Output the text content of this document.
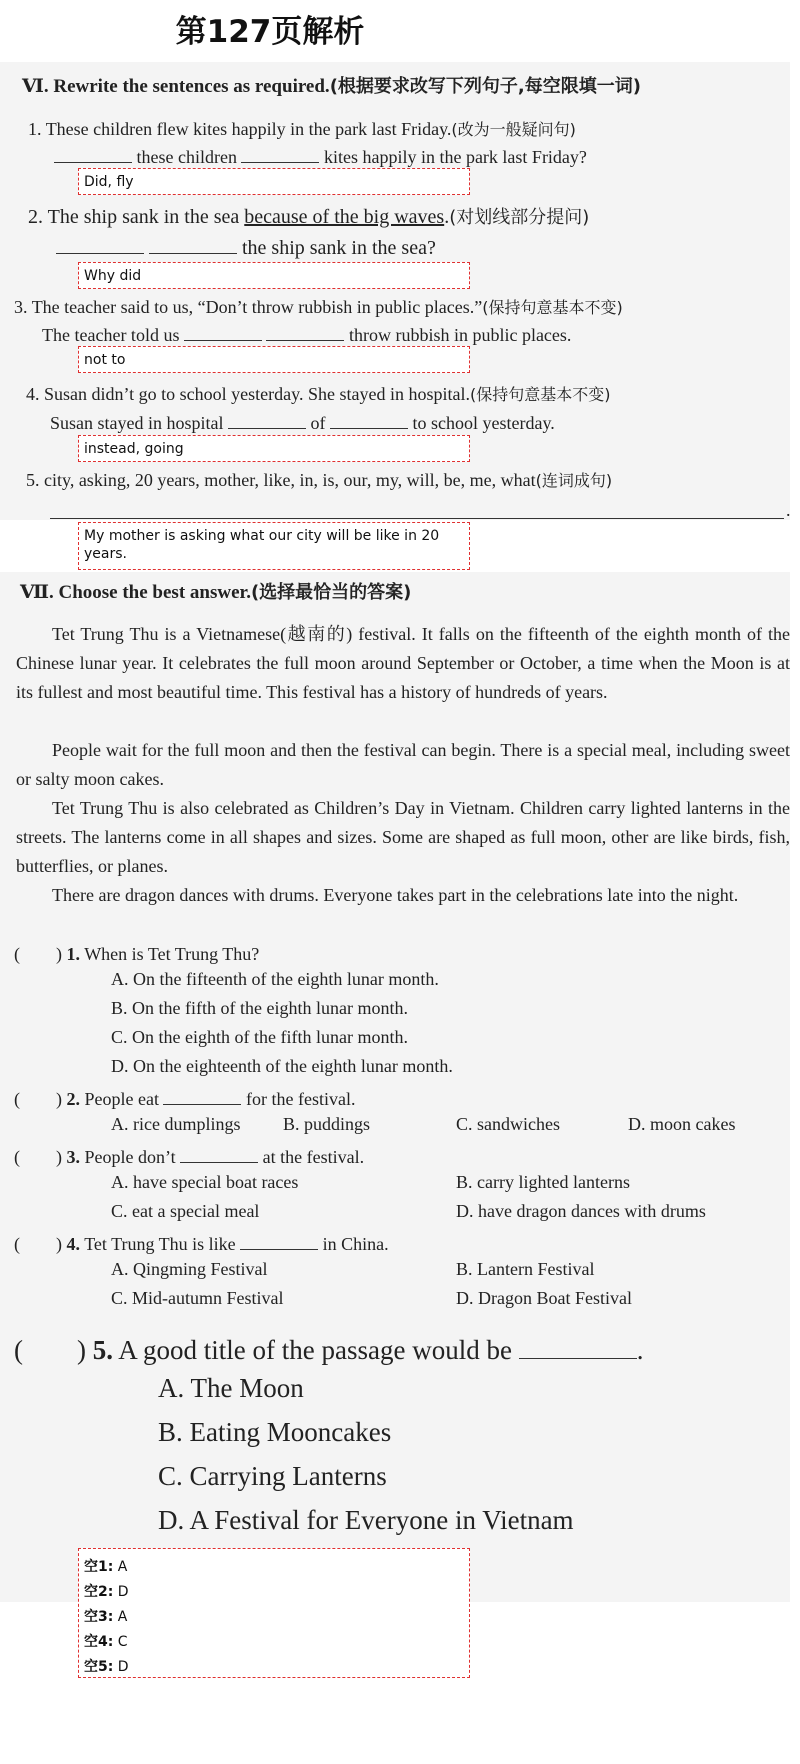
第127页解析
Ⅵ. Rewrite the sentences as required.(根据要求改写下列句子,每空限填一词)
1. These children flew kites happily in the park last Friday.(改为一般疑问句)
these children	kites happily in the park last Friday?
Did, fly
2. The ship sank in the sea because of the big waves.(对划线部分提问)
the ship sank in the sea?
Why did
3. The teacher said to us, “Don’t throw rubbish in public places.”(保持句意基本不变)
The teacher told us	throw rubbish in public places.
not to
4. Susan didn’t go to school yesterday. She stayed in hospital.(保持句意基本不变)
Susan stayed in hospital	of	to school yesterday.
instead, going
5. city, asking, 20 years, mother, like, in, is, our, my, will, be, me, what(连词成句)
.
My mother is asking what our city will be like in 20 years.
Ⅶ. Choose the best answer.(选择最恰当的答案)
Tet Trung Thu is a Vietnamese(越南的) festival. It falls on the fifteenth of the eighth month of the Chinese lunar year. It celebrates the full moon around September or October, a time when the Moon is at its fullest and most beautiful time. This festival has a history of hundreds of years.
People wait for the full moon and then the festival can begin. There is a special meal, including sweet or salty moon cakes.
Tet Trung Thu is also celebrated as Children’s Day in Vietnam. Children carry lighted lanterns in the streets. The lanterns come in all shapes and sizes. Some are shaped as full moon, other are like birds, fish, butterflies, or planes.
There are dragon dances with drums. Everyone takes part in the celebrations late into the night.
(　　) 1. When is Tet Trung Thu?
A. On the fifteenth of the eighth lunar month.
B. On the fifth of the eighth lunar month.
C. On the eighth of the fifth lunar month.
D. On the eighteenth of the eighth lunar month.
(　　) 2. People eat	for the festival.
A. rice dumplings B. puddings	C. sandwiches	D. moon cakes
(　　) 3. People don’t	at the festival.
A. have special boat races	B. carry lighted lanterns
C. eat a special meal	D. have dragon dances with drums
(　　) 4. Tet Trung Thu is like	in China.
A. Qingming Festival	B. Lantern Festival
C. Mid-autumn Festival	D. Dragon Boat Festival
(　　) 5. A good title of the passage would be	.
A. The Moon
B. Eating Mooncakes
C. Carrying Lanterns
D. A Festival for Everyone in Vietnam
空1: A
空2: D
空3: A
空4: C
空5: D
